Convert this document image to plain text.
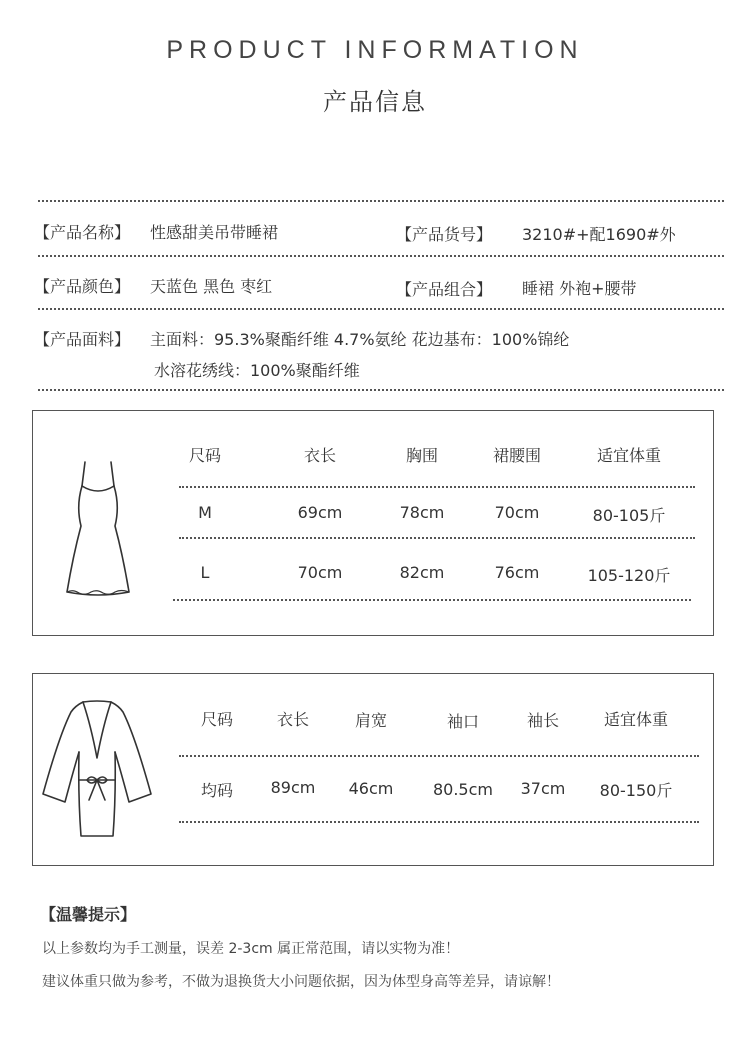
PRODUCT INFORMATION
产品信息
【产品名称】 性感甜美吊带睡裙	【产品货号】 3210#+配1690#外
【产品颜色】 天蓝色 黑色 枣红	【产品组合】 睡裙 外袍+腰带
【产品面料】 主面料：95.3%聚酯纤维 4.7%氨纶 花边基布：100%锦纶
水溶花绣线：100%聚酯纤维
尺码	衣长	胸围	裙腰围	适宜体重
M	69cm	78cm	70cm	80-105斤
L	70cm	82cm	76cm	105-120斤
尺码	衣长	肩宽	袖口	袖长	适宜体重
均码	89cm	46cm	80.5cm	37cm	80-150斤
【温馨提示】
以上参数均为手工测量，误差 2-3cm 属正常范围，请以实物为准！
建议体重只做为参考，不做为退换货大小问题依据，因为体型身高等差异，请谅解！
